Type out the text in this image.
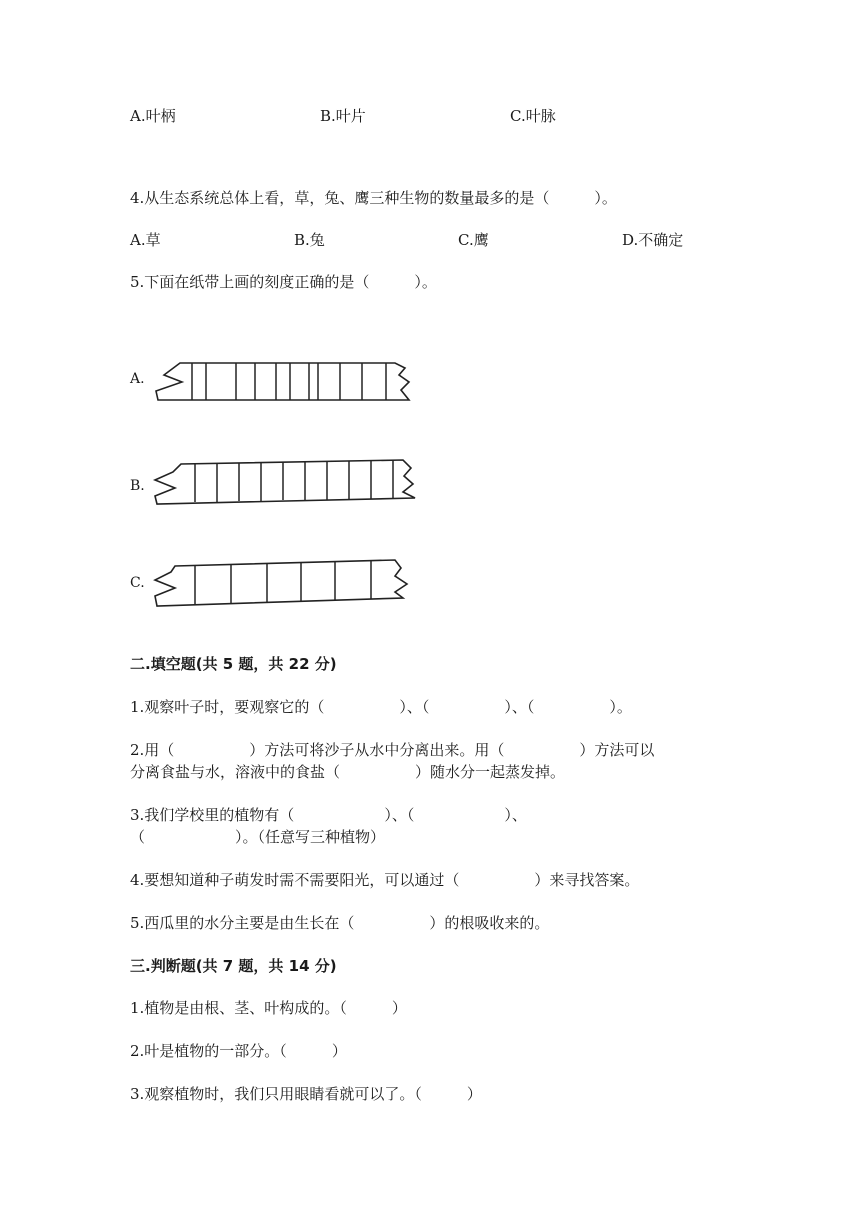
A.叶柄	B.叶片	C.叶脉
4.从生态系统总体上看，草，兔、鹰三种生物的数量最多的是（　　　）。
A.草	B.兔	C.鹰	D.不确定
5.下面在纸带上画的刻度正确的是（　　　）。
A.
B.
C.
二.填空题(共 5 题，共 22 分)
1.观察叶子时，要观察它的（　　　　　）、（　　　　　）、（　　　　　）。
2.用（　　　　　）方法可将沙子从水中分离出来。用（　　　　　）方法可以
分离食盐与水，溶液中的食盐（　　　　　）随水分一起蒸发掉。
3.我们学校里的植物有（　　　　　　）、（　　　　　　）、
（　　　　　　）。（任意写三种植物）
4.要想知道种子萌发时需不需要阳光，可以通过（　　　　　）来寻找答案。
5.西瓜里的水分主要是由生长在（　　　　　）的根吸收来的。
三.判断题(共 7 题，共 14 分)
1.植物是由根、茎、叶构成的。（　　　）
2.叶是植物的一部分。（　　　）
3.观察植物时，我们只用眼睛看就可以了。（　　　）
